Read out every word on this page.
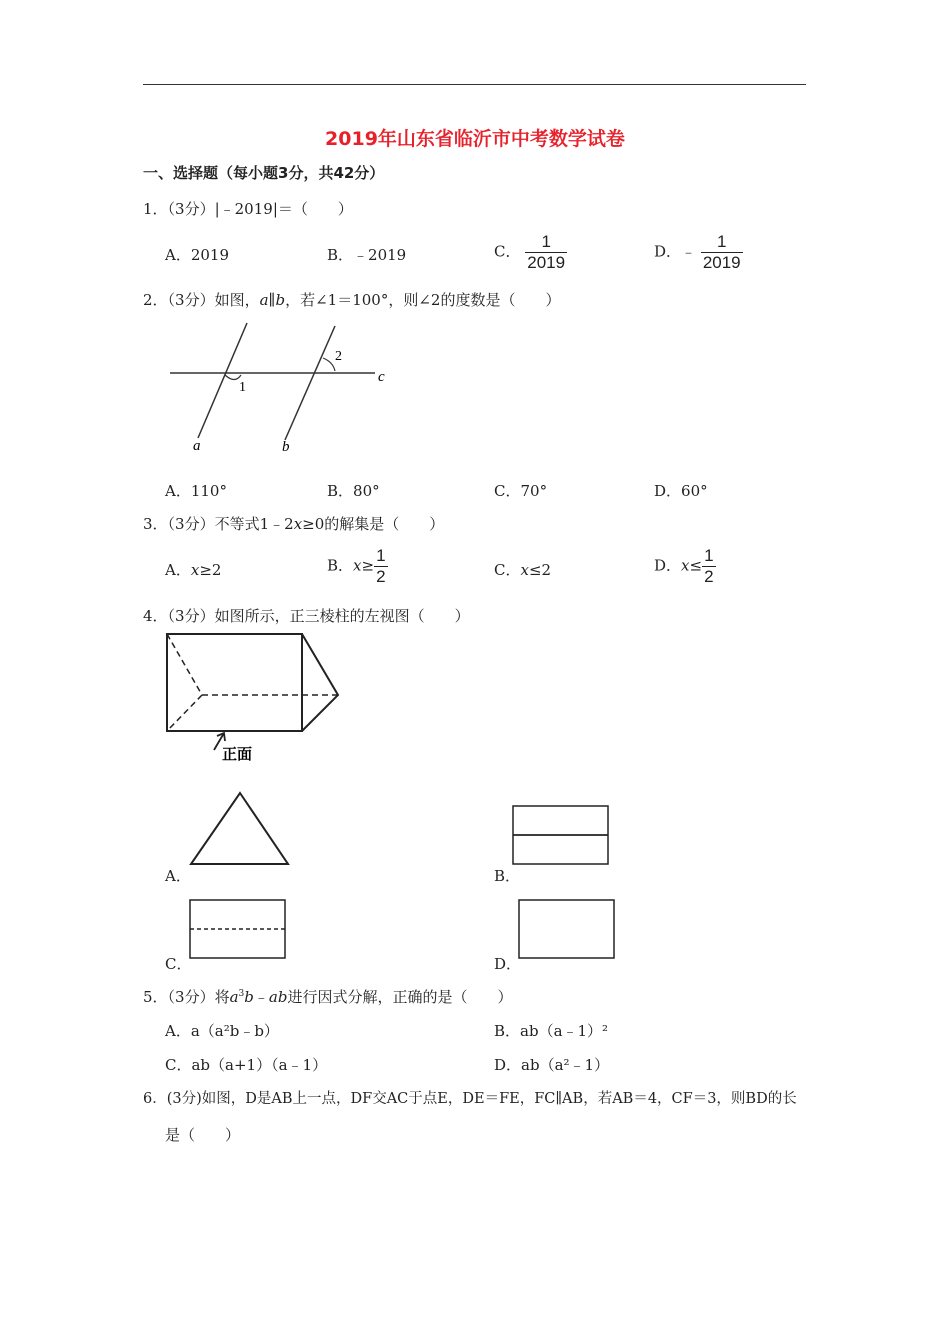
2019年山东省临沂市中考数学试卷
一、选择题（每小题3分，共42分）
1．（3分）|﹣2019|＝（　　）
A．2019	B．﹣2019	C． $\frac{1}{2019}$	D．﹣ $\frac{1}{2019}$
2．（3分）如图，a∥b，若∠1＝100°，则∠2的度数是（　　）
1
2
c
a	b
A．110°	B．80°	C．70°	D．60°
3．（3分）不等式1﹣2x≥0的解集是（　　）
A．x≥2	B．$x\ge \frac{1}{2}$	C．x≤2	D．$x\le \frac{1}{2}$
4．（3分）如图所示，正三棱柱的左视图（　　）
正面
A．	B．
C．	D．
5．（3分）将$a^3b﹣ab$进行因式分解，正确的是（　　）
A．a（a²b﹣b）	B．ab（a﹣1）²
C．ab（a+1）（a﹣1）	D．ab（a²﹣1）
6．(3分)如图，D是AB上一点，DF交AC于点E，DE＝FE，FC∥AB，若AB＝4，CF＝3，则BD的长
是（　　）
